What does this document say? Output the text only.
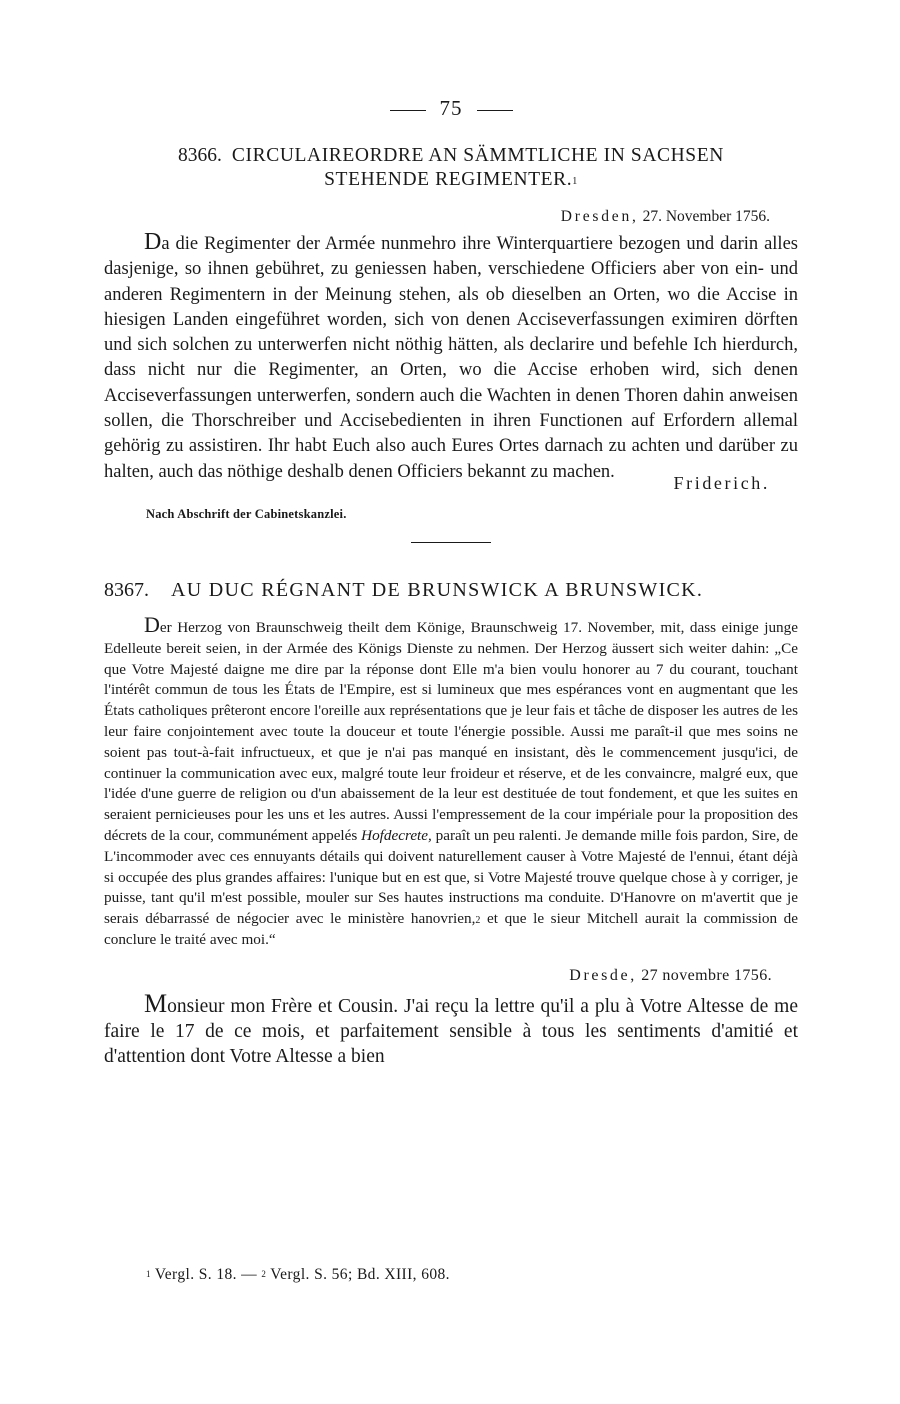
75
8366. CIRCULAIREORDRE AN SÄMMTLICHE IN SACHSEN
STEHENDE REGIMENTER.$^1$
Dresden, 27. November 1756.

Da die Regimenter der Armée nunmehro ihre Winterquartiere bezogen und darin alles dasjenige, so ihnen gebühret, zu geniessen haben, verschiedene Officiers aber von ein- und anderen Regimentern in der Meinung stehen, als ob dieselben an Orten, wo die Accise in hiesigen Landen eingeführet worden, sich von denen Acciseverfassungen eximiren dörften und sich solchen zu unterwerfen nicht nöthig hätten, als declarire und befehle Ich hierdurch, dass nicht nur die Regimenter, an Orten, wo die Accise erhoben wird, sich denen Acciseverfassungen unterwerfen, sondern auch die Wachten in denen Thoren dahin anweisen sollen, die Thorschreiber und Accisebedienten in ihren Functionen auf Erfordern allemal gehörig zu assistiren. Ihr habt Euch also auch Eures Ortes darnach zu achten und darüber zu halten, auch das nöthige deshalb denen Officiers bekannt zu machen.

Friderich.

Nach Abschrift der Cabinetskanzlei.

8367. AU DUC RÉGNANT DE BRUNSWICK A BRUNSWICK.

Der Herzog von Braunschweig theilt dem Könige, Braunschweig 17. November, mit, dass einige junge Edelleute bereit seien, in der Armée des Königs Dienste zu nehmen. Der Herzog äussert sich weiter dahin: „Ce que Votre Majesté daigne me dire par la réponse dont Elle m'a bien voulu honorer au 7 du courant, touchant l'intérêt commun de tous les États de l'Empire, est si lumineux que mes espérances vont en augmentant que les États catholiques prêteront encore l'oreille aux représentations que je leur fais et tâche de disposer les autres de les leur faire conjointement avec toute la douceur et toute l'énergie possible. Aussi me paraît-il que mes soins ne soient pas tout-à-fait infructueux, et que je n'ai pas manqué en insistant, dès le commencement jusqu'ici, de continuer la communication avec eux, malgré toute leur froideur et réserve, et de les convaincre, malgré eux, que l'idée d'une guerre de religion ou d'un abaissement de la leur est destituée de tout fondement, et que les suites en seraient pernicieuses pour les uns et les autres. Aussi l'empressement de la cour impériale pour la proposition des décrets de la cour, communément appelés Hofdecrete, paraît un peu ralenti. Je demande mille fois pardon, Sire, de L'incommoder avec ces ennuyants détails qui doivent naturellement causer à Votre Majesté de l'ennui, étant déjà si occupée des plus grandes affaires: l'unique but en est que, si Votre Majesté trouve quelque chose à y corriger, je puisse, tant qu'il m'est possible, mouler sur Ses hautes instructions ma conduite. D'Hanovre on m'avertit que je serais débarrassé de négocier avec le ministère hanovrien,$^2$ et que le sieur Mitchell aurait la commission de conclure le traité avec moi.“

Dresde, 27 novembre 1756.

Monsieur mon Frère et Cousin. J'ai reçu la lettre qu'il a plu à Votre Altesse de me faire le 17 de ce mois, et parfaitement sensible à tous les sentiments d'amitié et d'attention dont Votre Altesse a bien

$^1$ Vergl. S. 18. — $^2$ Vergl. S. 56; Bd. XIII, 608.
